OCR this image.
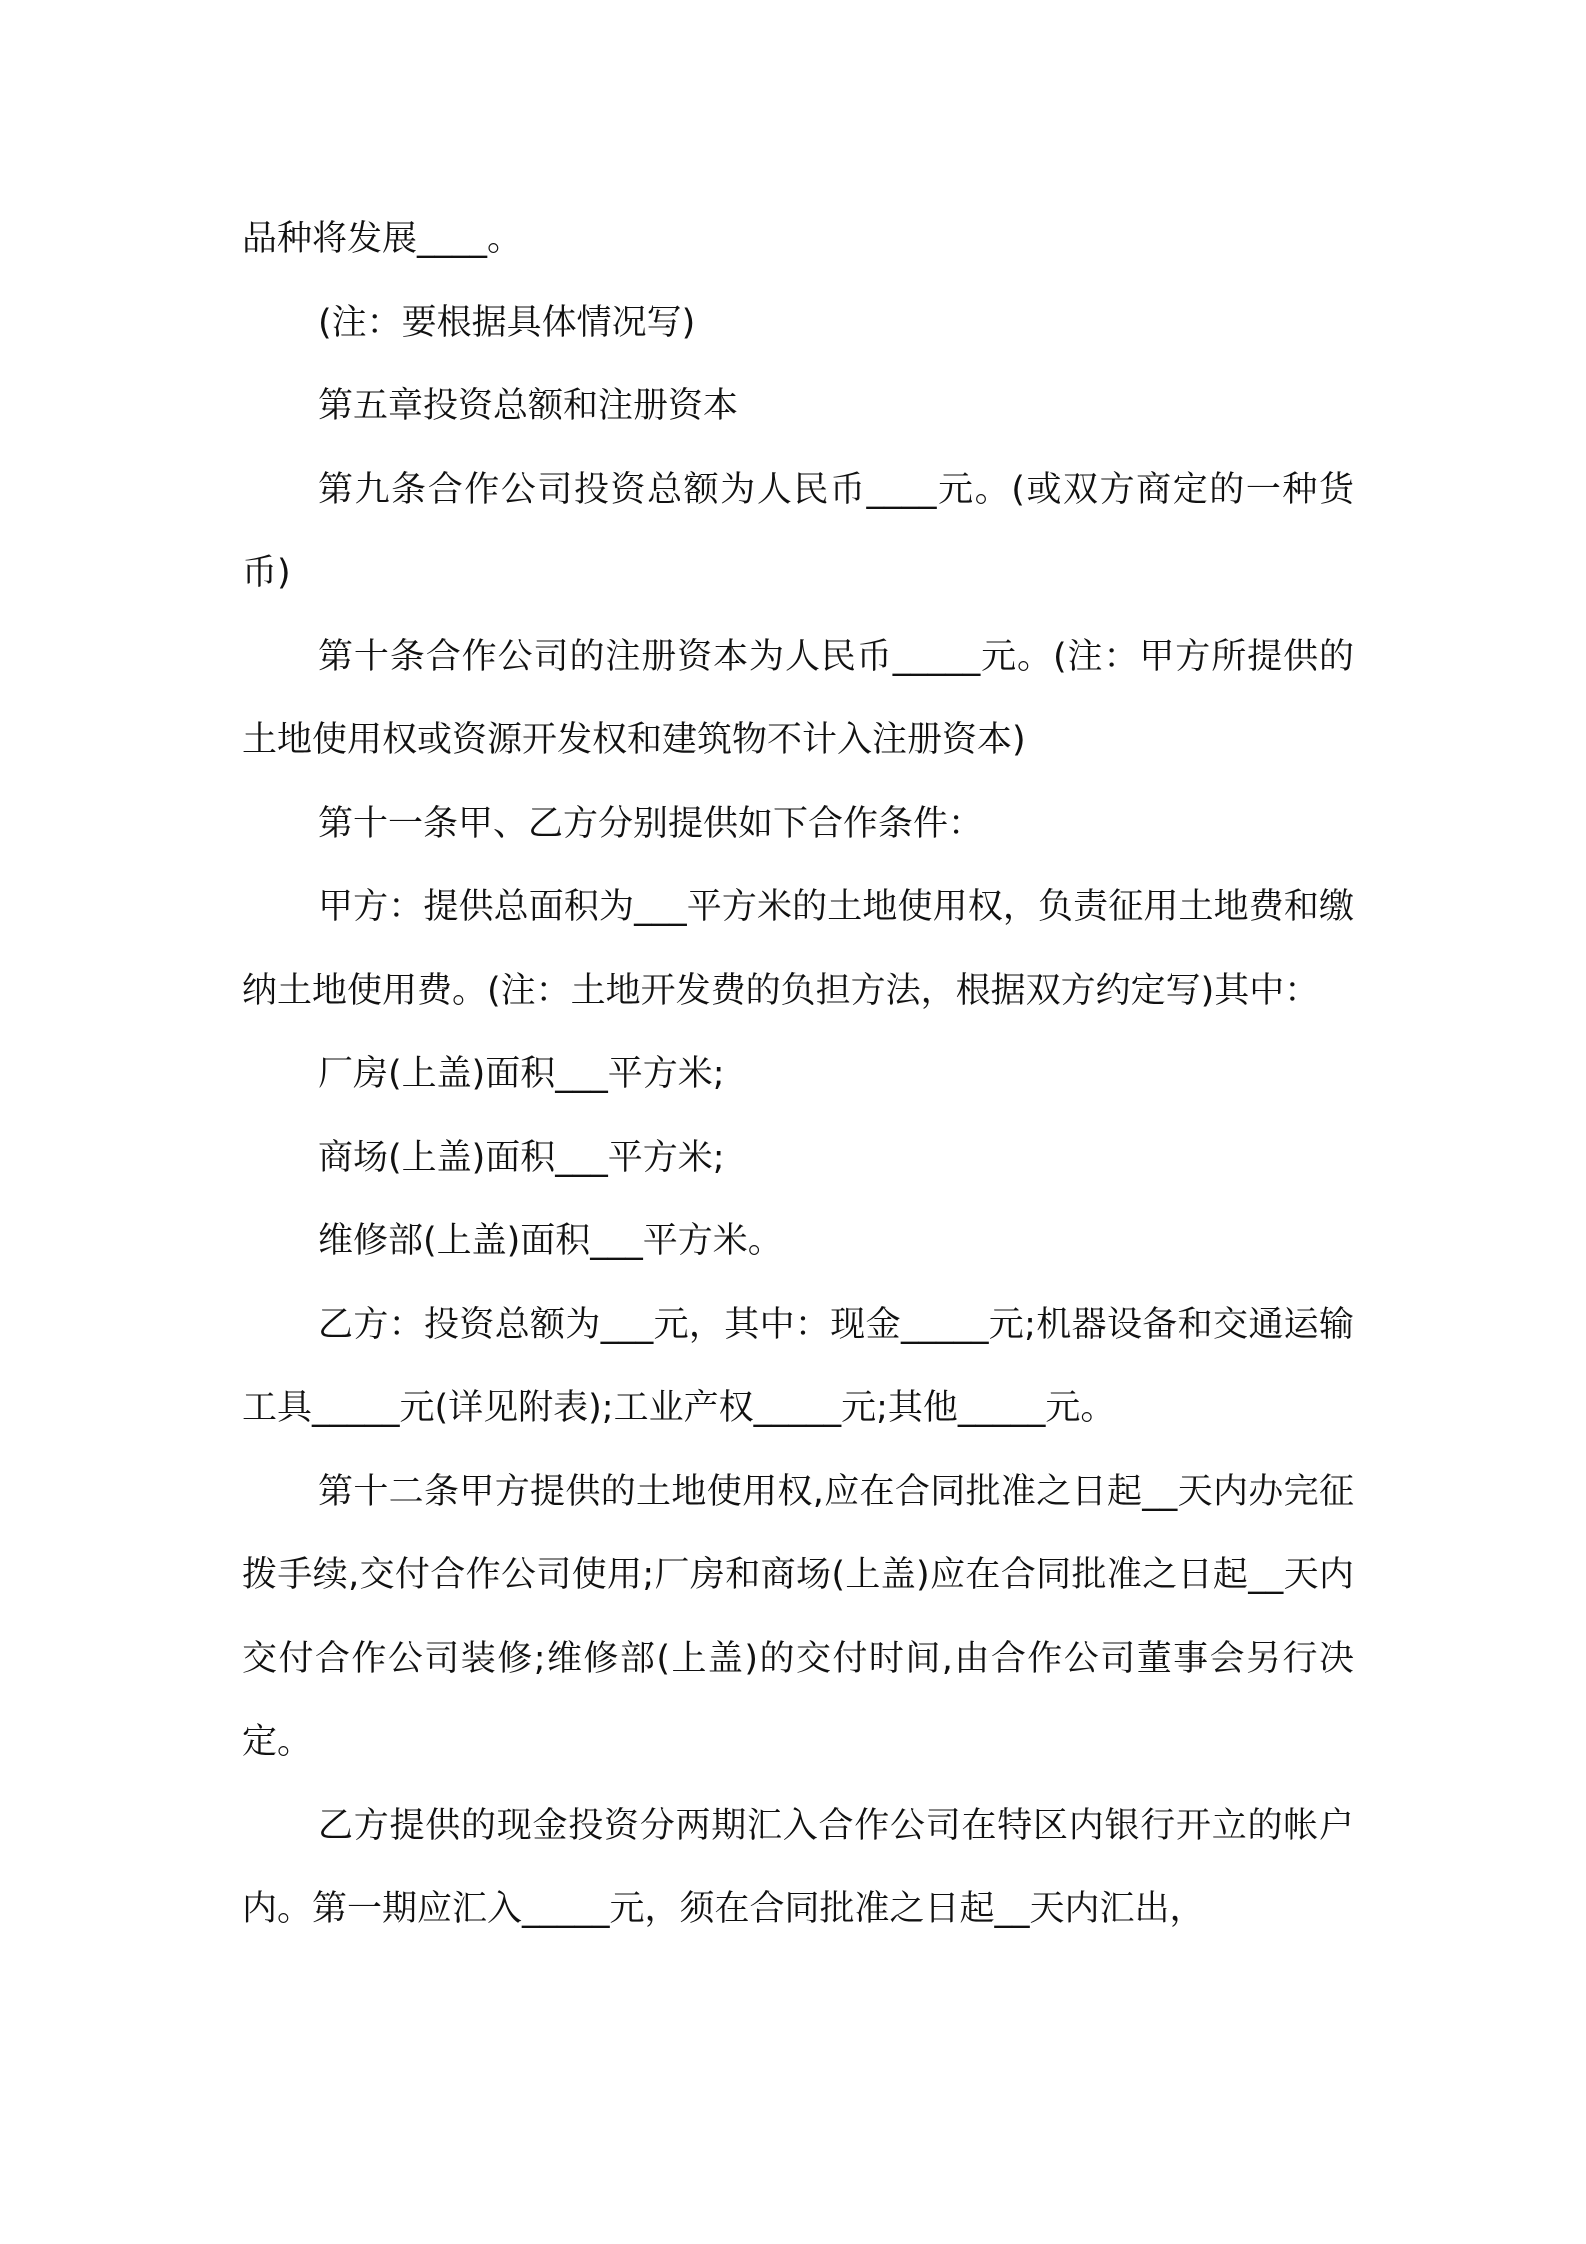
品种将发展____。

(注：要根据具体情况写)

第五章投资总额和注册资本

第九条合作公司投资总额为人民币____元。(或双方商定的一种货币)

第十条合作公司的注册资本为人民币_____元。(注：甲方所提供的土地使用权或资源开发权和建筑物不计入注册资本)

第十一条甲、乙方分别提供如下合作条件：

甲方：提供总面积为___平方米的土地使用权，负责征用土地费和缴纳土地使用费。(注：土地开发费的负担方法，根据双方约定写)其中：

厂房(上盖)面积___平方米;

商场(上盖)面积___平方米;

维修部(上盖)面积___平方米。

乙方：投资总额为___元，其中：现金_____元;机器设备和交通运输工具_____元(详见附表);工业产权_____元;其他_____元。

第十二条甲方提供的土地使用权,应在合同批准之日起__天内办完征拨手续,交付合作公司使用;厂房和商场(上盖)应在合同批准之日起__天内交付合作公司装修;维修部(上盖)的交付时间,由合作公司董事会另行决定。

乙方提供的现金投资分两期汇入合作公司在特区内银行开立的帐户内。第一期应汇入_____元，须在合同批准之日起__天内汇出，
